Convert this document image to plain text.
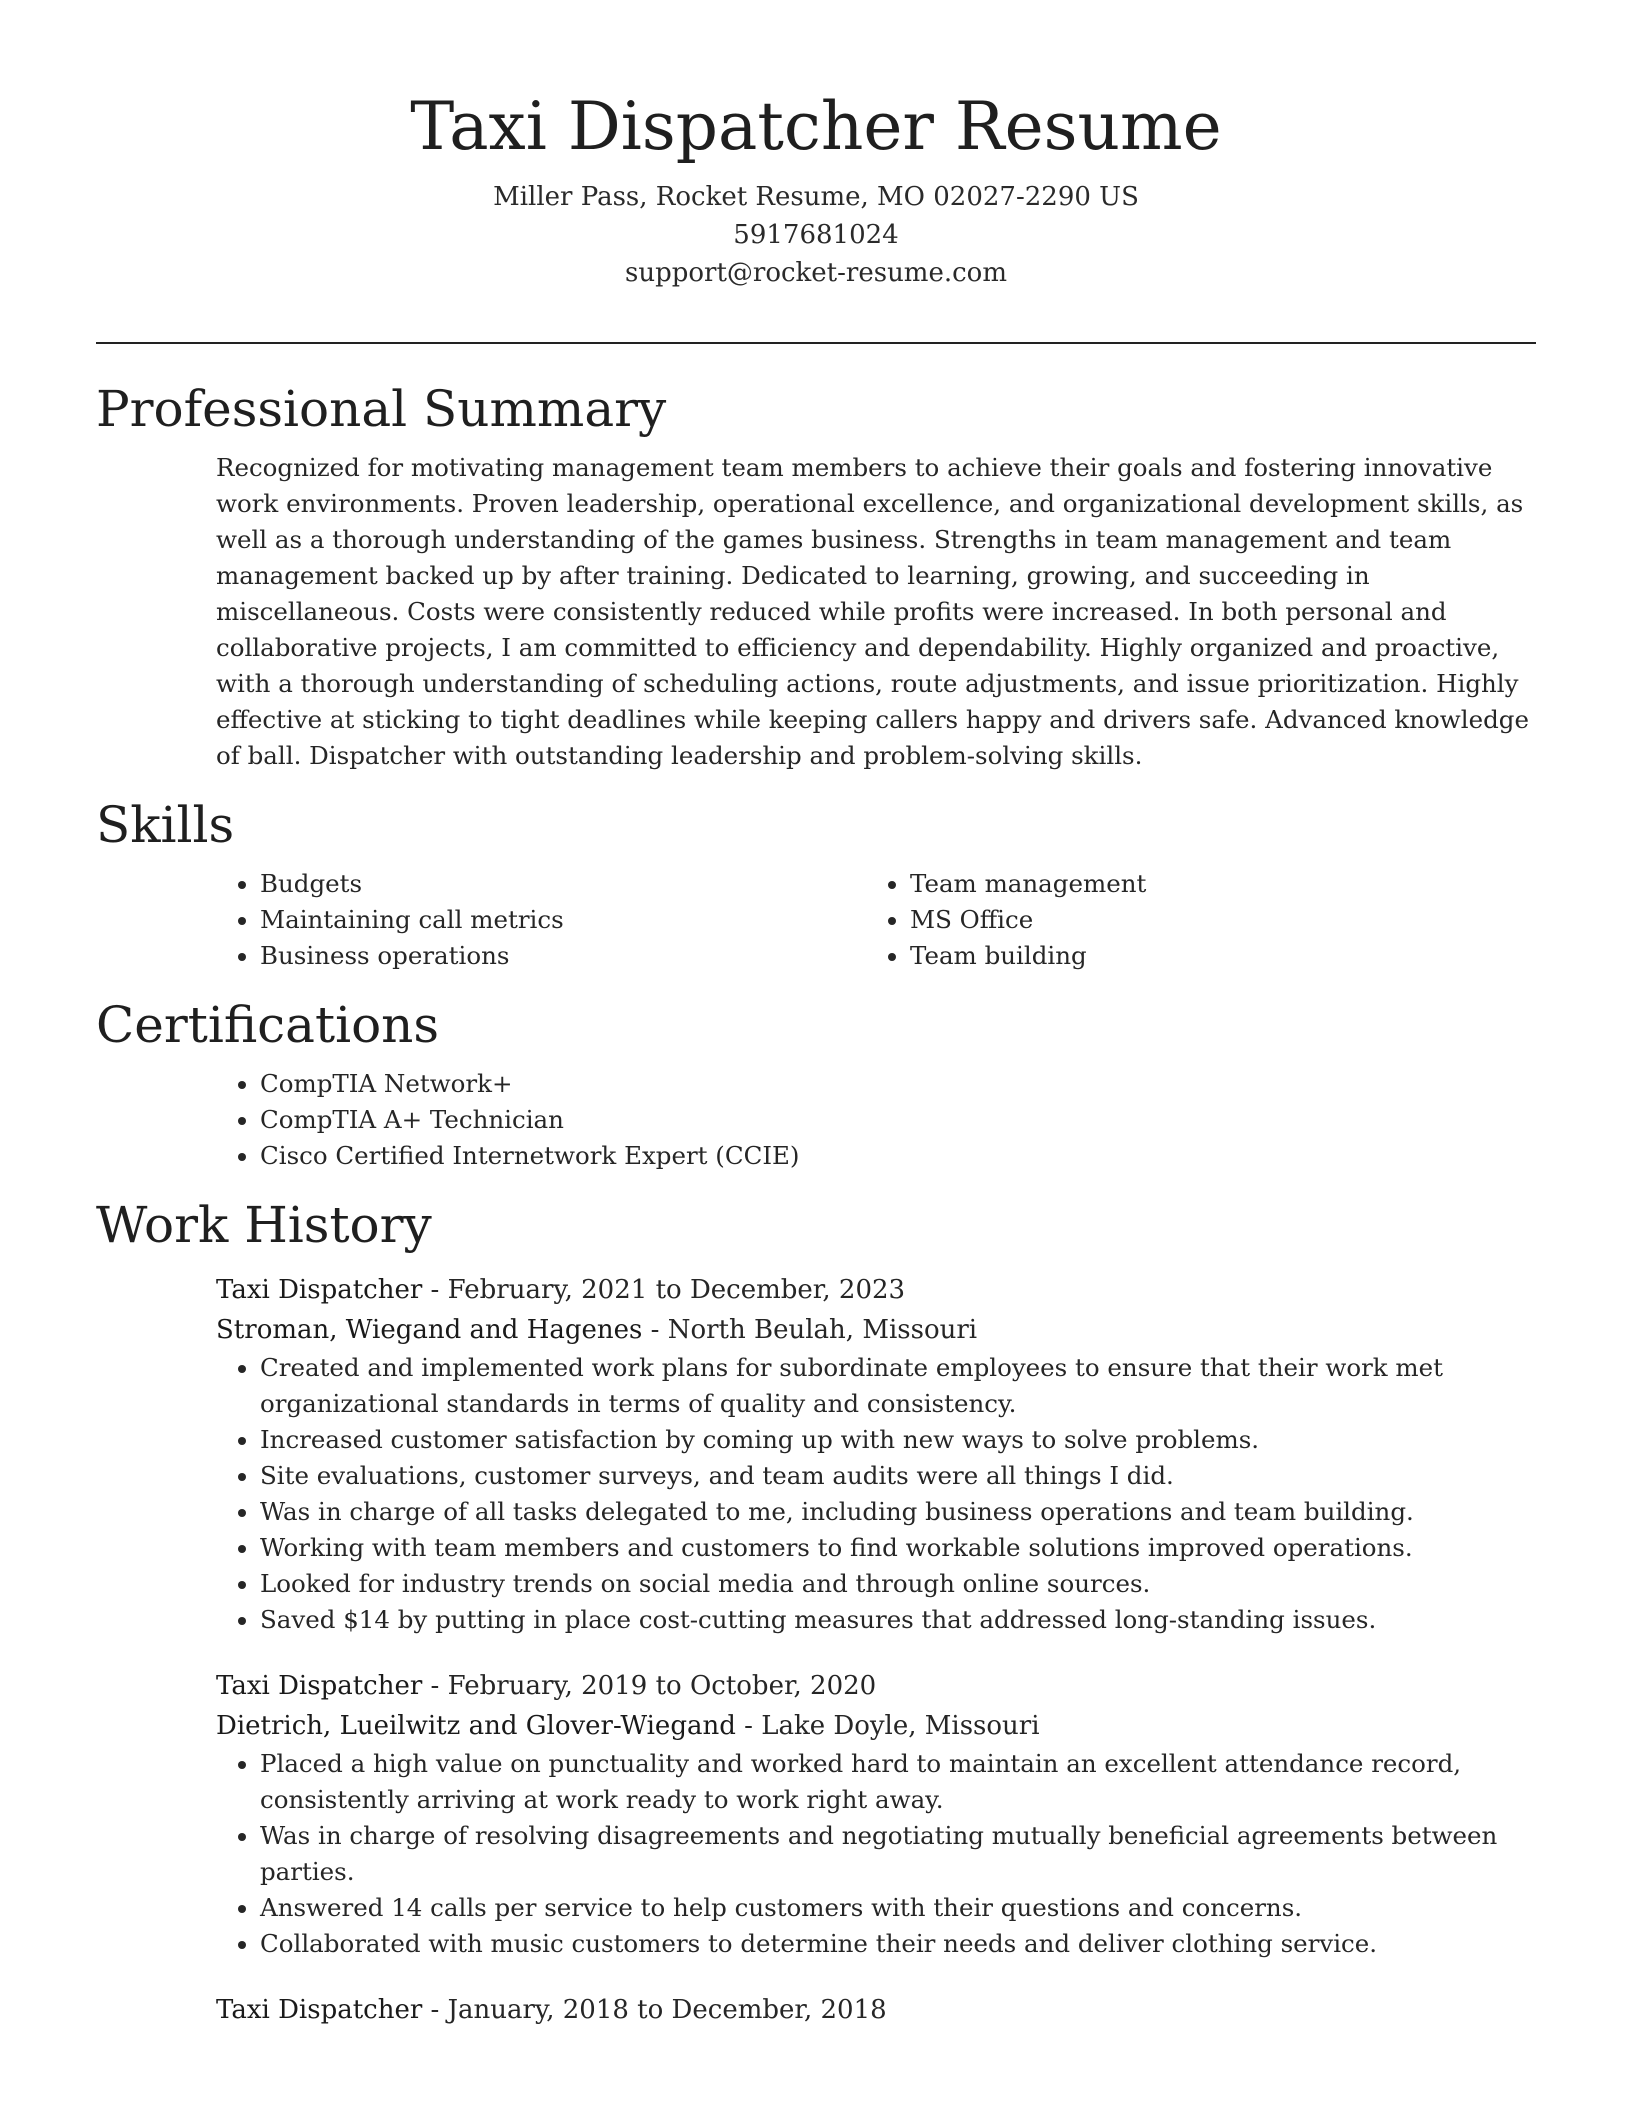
Taxi Dispatcher Resume
Miller Pass, Rocket Resume, MO 02027-2290 US
5917681024
support@rocket-resume.com
Professional Summary

Recognized for motivating management team members to achieve their goals and fostering innovative work environments. Proven leadership, operational excellence, and organizational development skills, as well as a thorough understanding of the games business. Strengths in team management and team management backed up by after training. Dedicated to learning, growing, and succeeding in miscellaneous. Costs were consistently reduced while profits were increased. In both personal and collaborative projects, I am committed to efficiency and dependability. Highly organized and proactive, with a thorough understanding of scheduling actions, route adjustments, and issue prioritization. Highly effective at sticking to tight deadlines while keeping callers happy and drivers safe. Advanced knowledge of ball. Dispatcher with outstanding leadership and problem-solving skills.

Skills
• Budgets
• Maintaining call metrics
• Business operations
• Team management
• MS Office
• Team building
Certifications
• CompTIA Network+
• CompTIA A+ Technician
• Cisco Certified Internetwork Expert (CCIE)
Work History
Taxi Dispatcher - February, 2021 to December, 2023
Stroman, Wiegand and Hagenes - North Beulah, Missouri
• Created and implemented work plans for subordinate employees to ensure that their work met organizational standards in terms of quality and consistency.
• Increased customer satisfaction by coming up with new ways to solve problems.
• Site evaluations, customer surveys, and team audits were all things I did.
• Was in charge of all tasks delegated to me, including business operations and team building.
• Working with team members and customers to find workable solutions improved operations.
• Looked for industry trends on social media and through online sources.
• Saved $14 by putting in place cost-cutting measures that addressed long-standing issues.
Taxi Dispatcher - February, 2019 to October, 2020
Dietrich, Lueilwitz and Glover-Wiegand - Lake Doyle, Missouri
• Placed a high value on punctuality and worked hard to maintain an excellent attendance record, consistently arriving at work ready to work right away.
• Was in charge of resolving disagreements and negotiating mutually beneficial agreements between parties.
• Answered 14 calls per service to help customers with their questions and concerns.
• Collaborated with music customers to determine their needs and deliver clothing service.
Taxi Dispatcher - January, 2018 to December, 2018
